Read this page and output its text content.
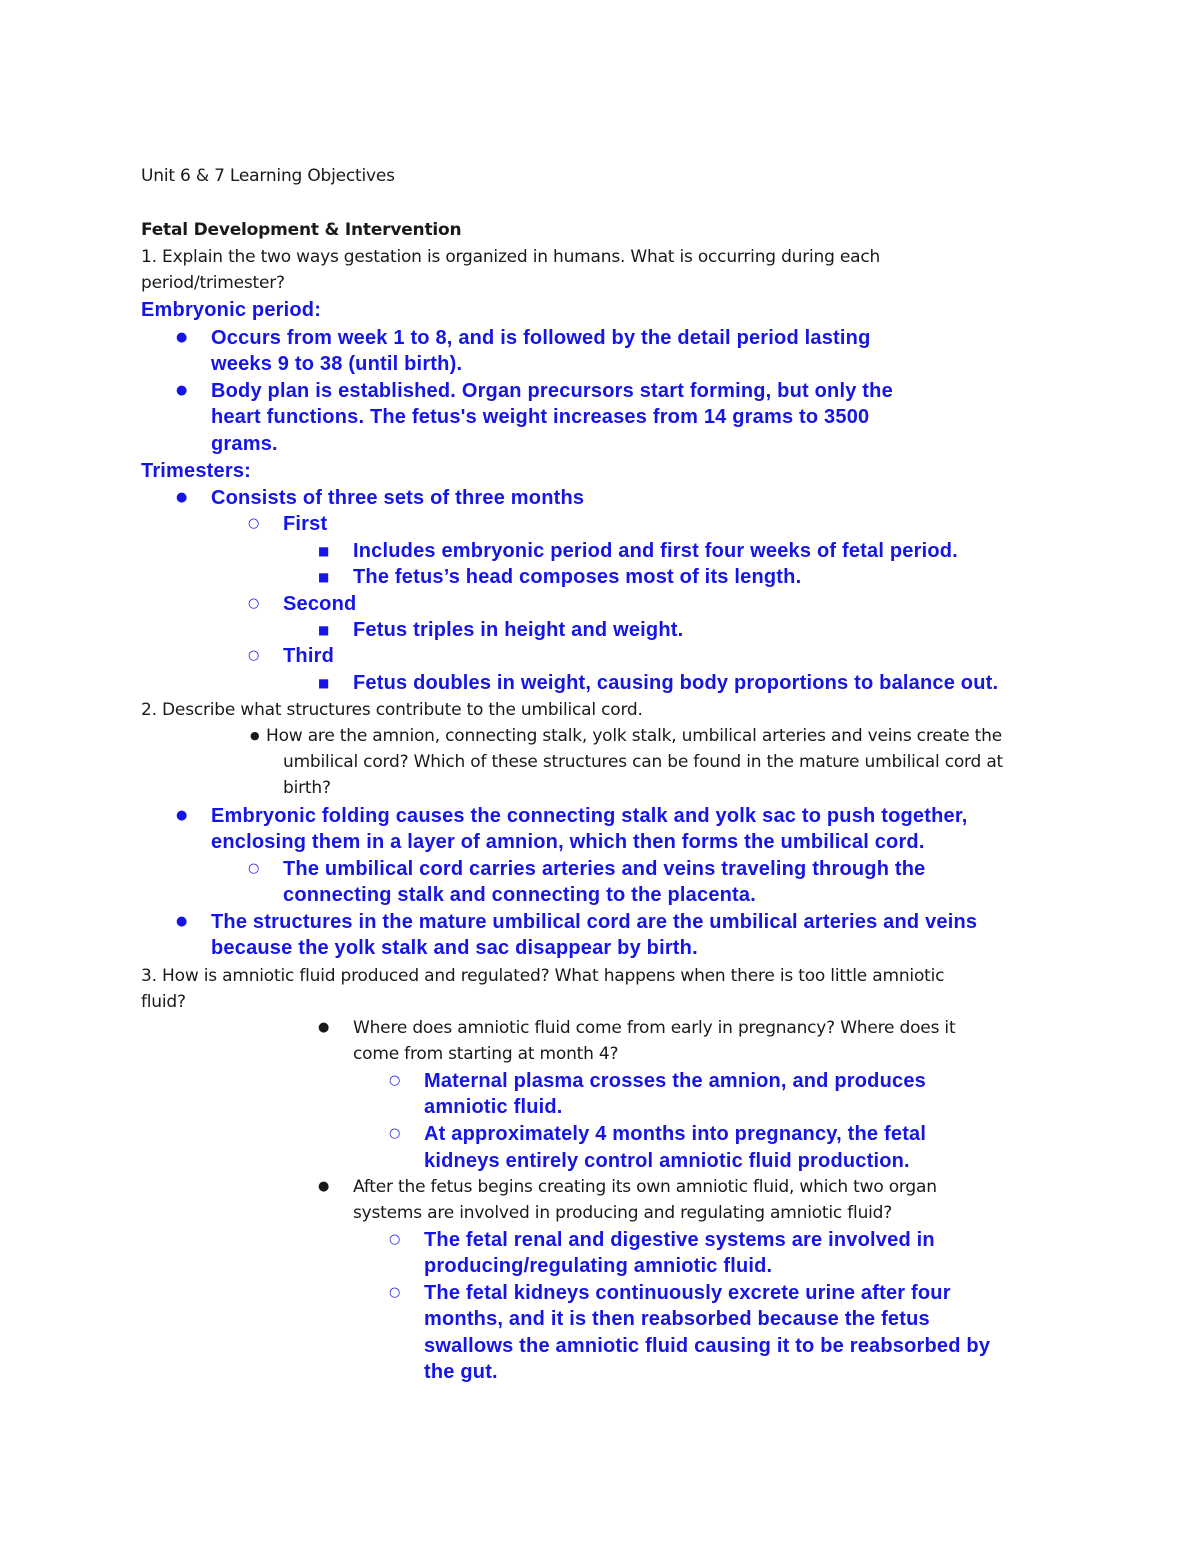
Unit 6 & 7 Learning Objectives
Fetal Development & Intervention
1. Explain the two ways gestation is organized in humans. What is occurring during each
period/trimester?
Embryonic period:
● Occurs from week 1 to 8, and is followed by the detail period lasting
weeks 9 to 38 (until birth).
● Body plan is established. Organ precursors start forming, but only the
heart functions. The fetus's weight increases from 14 grams to 3500
grams.
Trimesters:
● Consists of three sets of three months
○ First
■ Includes embryonic period and first four weeks of fetal period.
■ The fetus’s head composes most of its length.
○ Second
■ Fetus triples in height and weight.
○ Third
■ Fetus doubles in weight, causing body proportions to balance out.
2. Describe what structures contribute to the umbilical cord.
● How are the amnion, connecting stalk, yolk stalk, umbilical arteries and veins create the
umbilical cord? Which of these structures can be found in the mature umbilical cord at
birth?
● Embryonic folding causes the connecting stalk and yolk sac to push together,
enclosing them in a layer of amnion, which then forms the umbilical cord.
○ The umbilical cord carries arteries and veins traveling through the
connecting stalk and connecting to the placenta.
● The structures in the mature umbilical cord are the umbilical arteries and veins
because the yolk stalk and sac disappear by birth.
3. How is amniotic fluid produced and regulated? What happens when there is too little amniotic
fluid?
● Where does amniotic fluid come from early in pregnancy? Where does it
come from starting at month 4?
○ Maternal plasma crosses the amnion, and produces
amniotic fluid.
○ At approximately 4 months into pregnancy, the fetal
kidneys entirely control amniotic fluid production.
● After the fetus begins creating its own amniotic fluid, which two organ
systems are involved in producing and regulating amniotic fluid?
○ The fetal renal and digestive systems are involved in
producing/regulating amniotic fluid.
○ The fetal kidneys continuously excrete urine after four
months, and it is then reabsorbed because the fetus
swallows the amniotic fluid causing it to be reabsorbed by
the gut.
